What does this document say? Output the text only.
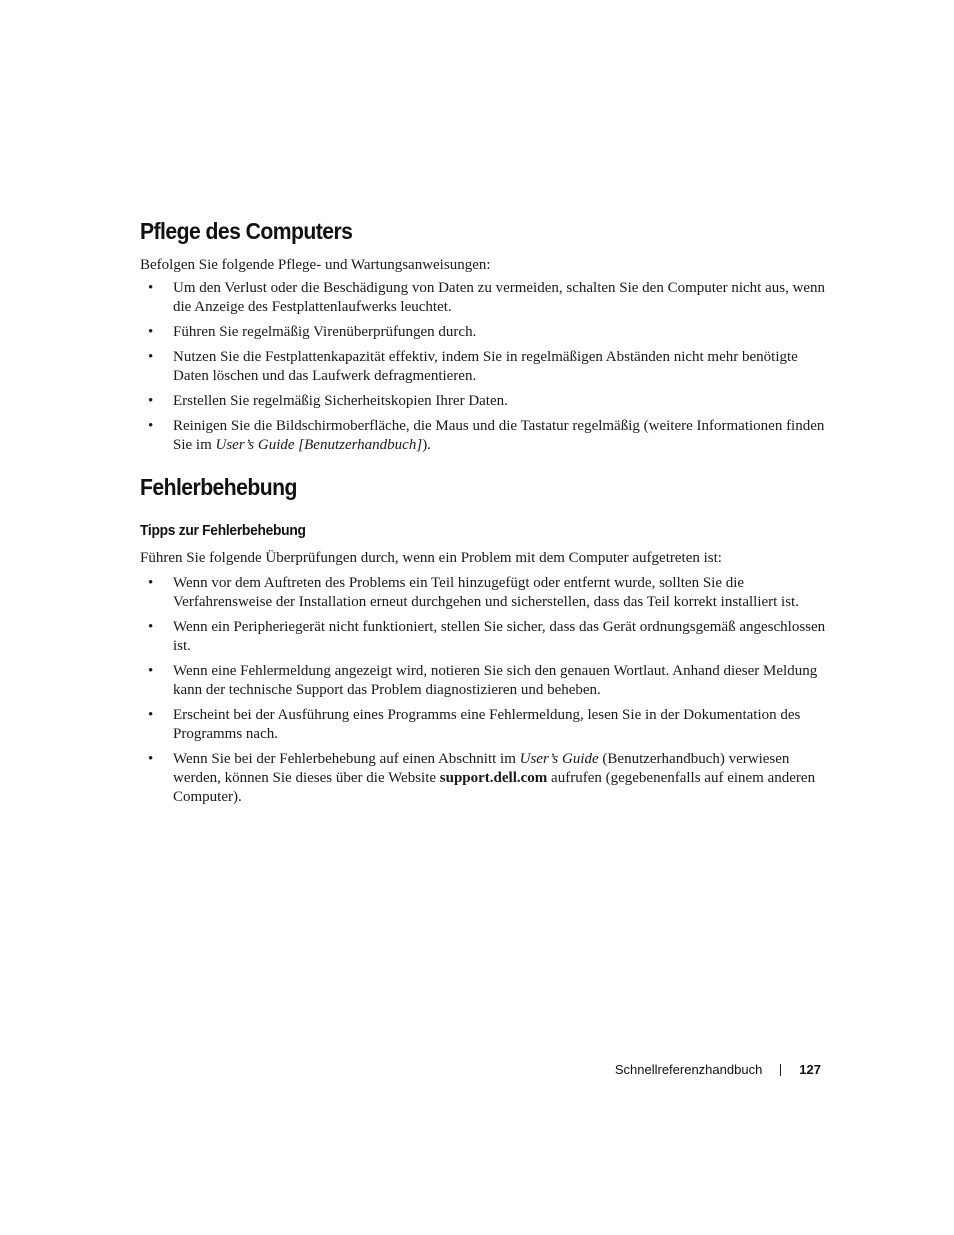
Pflege des Computers

Befolgen Sie folgende Pflege- und Wartungsanweisungen:

• Um den Verlust oder die Beschädigung von Daten zu vermeiden, schalten Sie den Computer nicht aus, wenn die Anzeige des Festplattenlaufwerks leuchtet.
• Führen Sie regelmäßig Virenüberprüfungen durch.
• Nutzen Sie die Festplattenkapazität effektiv, indem Sie in regelmäßigen Abständen nicht mehr benötigte Daten löschen und das Laufwerk defragmentieren.
• Erstellen Sie regelmäßig Sicherheitskopien Ihrer Daten.
• Reinigen Sie die Bildschirmoberfläche, die Maus und die Tastatur regelmäßig (weitere Informationen finden Sie im User’s Guide [Benutzerhandbuch]).
Fehlerbehebung
Tipps zur Fehlerbehebung

Führen Sie folgende Überprüfungen durch, wenn ein Problem mit dem Computer aufgetreten ist:

• Wenn vor dem Auftreten des Problems ein Teil hinzugefügt oder entfernt wurde, sollten Sie die Verfahrensweise der Installation erneut durchgehen und sicherstellen, dass das Teil korrekt installiert ist.
• Wenn ein Peripheriegerät nicht funktioniert, stellen Sie sicher, dass das Gerät ordnungsgemäß angeschlossen ist.
• Wenn eine Fehlermeldung angezeigt wird, notieren Sie sich den genauen Wortlaut. Anhand dieser Meldung kann der technische Support das Problem diagnostizieren und beheben.
• Erscheint bei der Ausführung eines Programms eine Fehlermeldung, lesen Sie in der Dokumentation des Programms nach.
• Wenn Sie bei der Fehlerbehebung auf einen Abschnitt im User’s Guide (Benutzerhandbuch) verwiesen werden, können Sie dieses über die Website support.dell.com aufrufen (gegebenenfalls auf einem anderen Computer).
Schnellreferenzhandbuch	127
